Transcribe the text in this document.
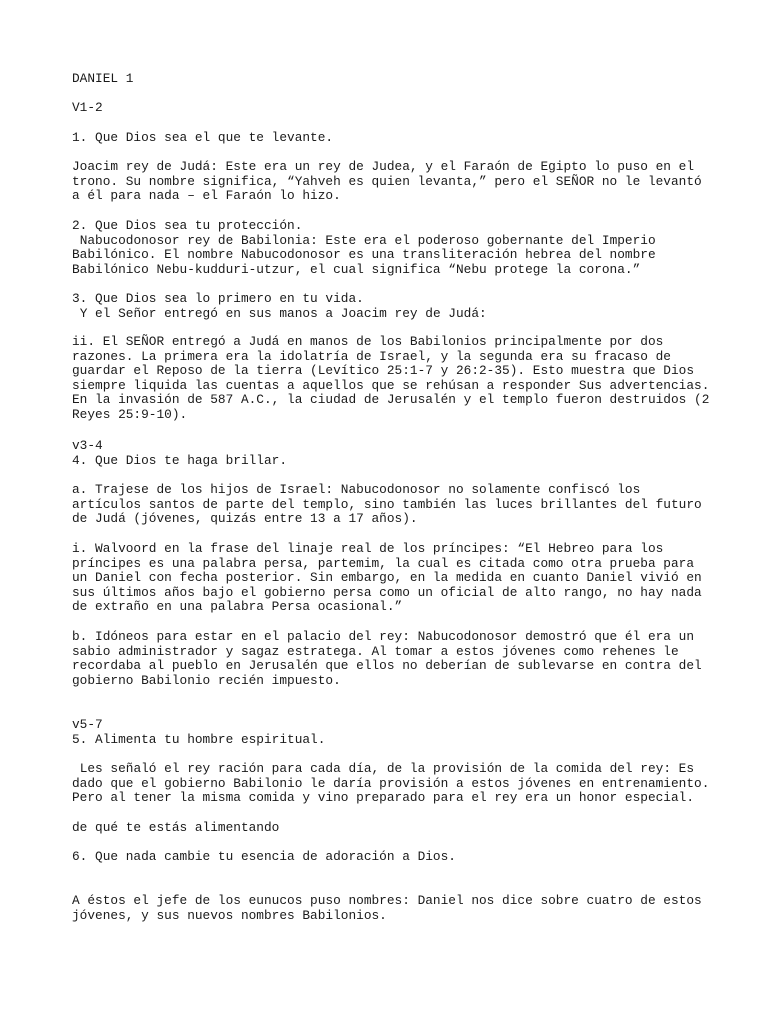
DANIEL 1

V1-2

1. Que Dios sea el que te levante.

Joacim rey de Judá: Este era un rey de Judea, y el Faraón de Egipto lo puso en el
trono. Su nombre significa, “Yahveh es quien levanta,” pero el SEÑOR no le levantó
a él para nada – el Faraón lo hizo.

2. Que Dios sea tu protección.
Nabucodonosor rey de Babilonia: Este era el poderoso gobernante del Imperio
Babilónico. El nombre Nabucodonosor es una transliteración hebrea del nombre
Babilónico Nebu-kudduri-utzur, el cual significa “Nebu protege la corona.”

3. Que Dios sea lo primero en tu vida.
Y el Señor entregó en sus manos a Joacim rey de Judá:

ii. El SEÑOR entregó a Judá en manos de los Babilonios principalmente por dos
razones. La primera era la idolatría de Israel, y la segunda era su fracaso de
guardar el Reposo de la tierra (Levítico 25:1-7 y 26:2-35). Esto muestra que Dios
siempre liquida las cuentas a aquellos que se rehúsan a responder Sus advertencias.
En la invasión de 587 A.C., la ciudad de Jerusalén y el templo fueron destruidos (2
Reyes 25:9-10).

v3-4
4. Que Dios te haga brillar.

a. Trajese de los hijos de Israel: Nabucodonosor no solamente confiscó los
artículos santos de parte del templo, sino también las luces brillantes del futuro
de Judá (jóvenes, quizás entre 13 a 17 años).

i. Walvoord en la frase del linaje real de los príncipes: “El Hebreo para los
príncipes es una palabra persa, partemim, la cual es citada como otra prueba para
un Daniel con fecha posterior. Sin embargo, en la medida en cuanto Daniel vivió en
sus últimos años bajo el gobierno persa como un oficial de alto rango, no hay nada
de extraño en una palabra Persa ocasional.”

b. Idóneos para estar en el palacio del rey: Nabucodonosor demostró que él era un
sabio administrador y sagaz estratega. Al tomar a estos jóvenes como rehenes le
recordaba al pueblo en Jerusalén que ellos no deberían de sublevarse en contra del
gobierno Babilonio recién impuesto.

v5-7
5. Alimenta tu hombre espiritual.

Les señaló el rey ración para cada día, de la provisión de la comida del rey: Es
dado que el gobierno Babilonio le daría provisión a estos jóvenes en entrenamiento.
Pero al tener la misma comida y vino preparado para el rey era un honor especial.

de qué te estás alimentando

6. Que nada cambie tu esencia de adoración a Dios.

A éstos el jefe de los eunucos puso nombres: Daniel nos dice sobre cuatro de estos
jóvenes, y sus nuevos nombres Babilonios.
